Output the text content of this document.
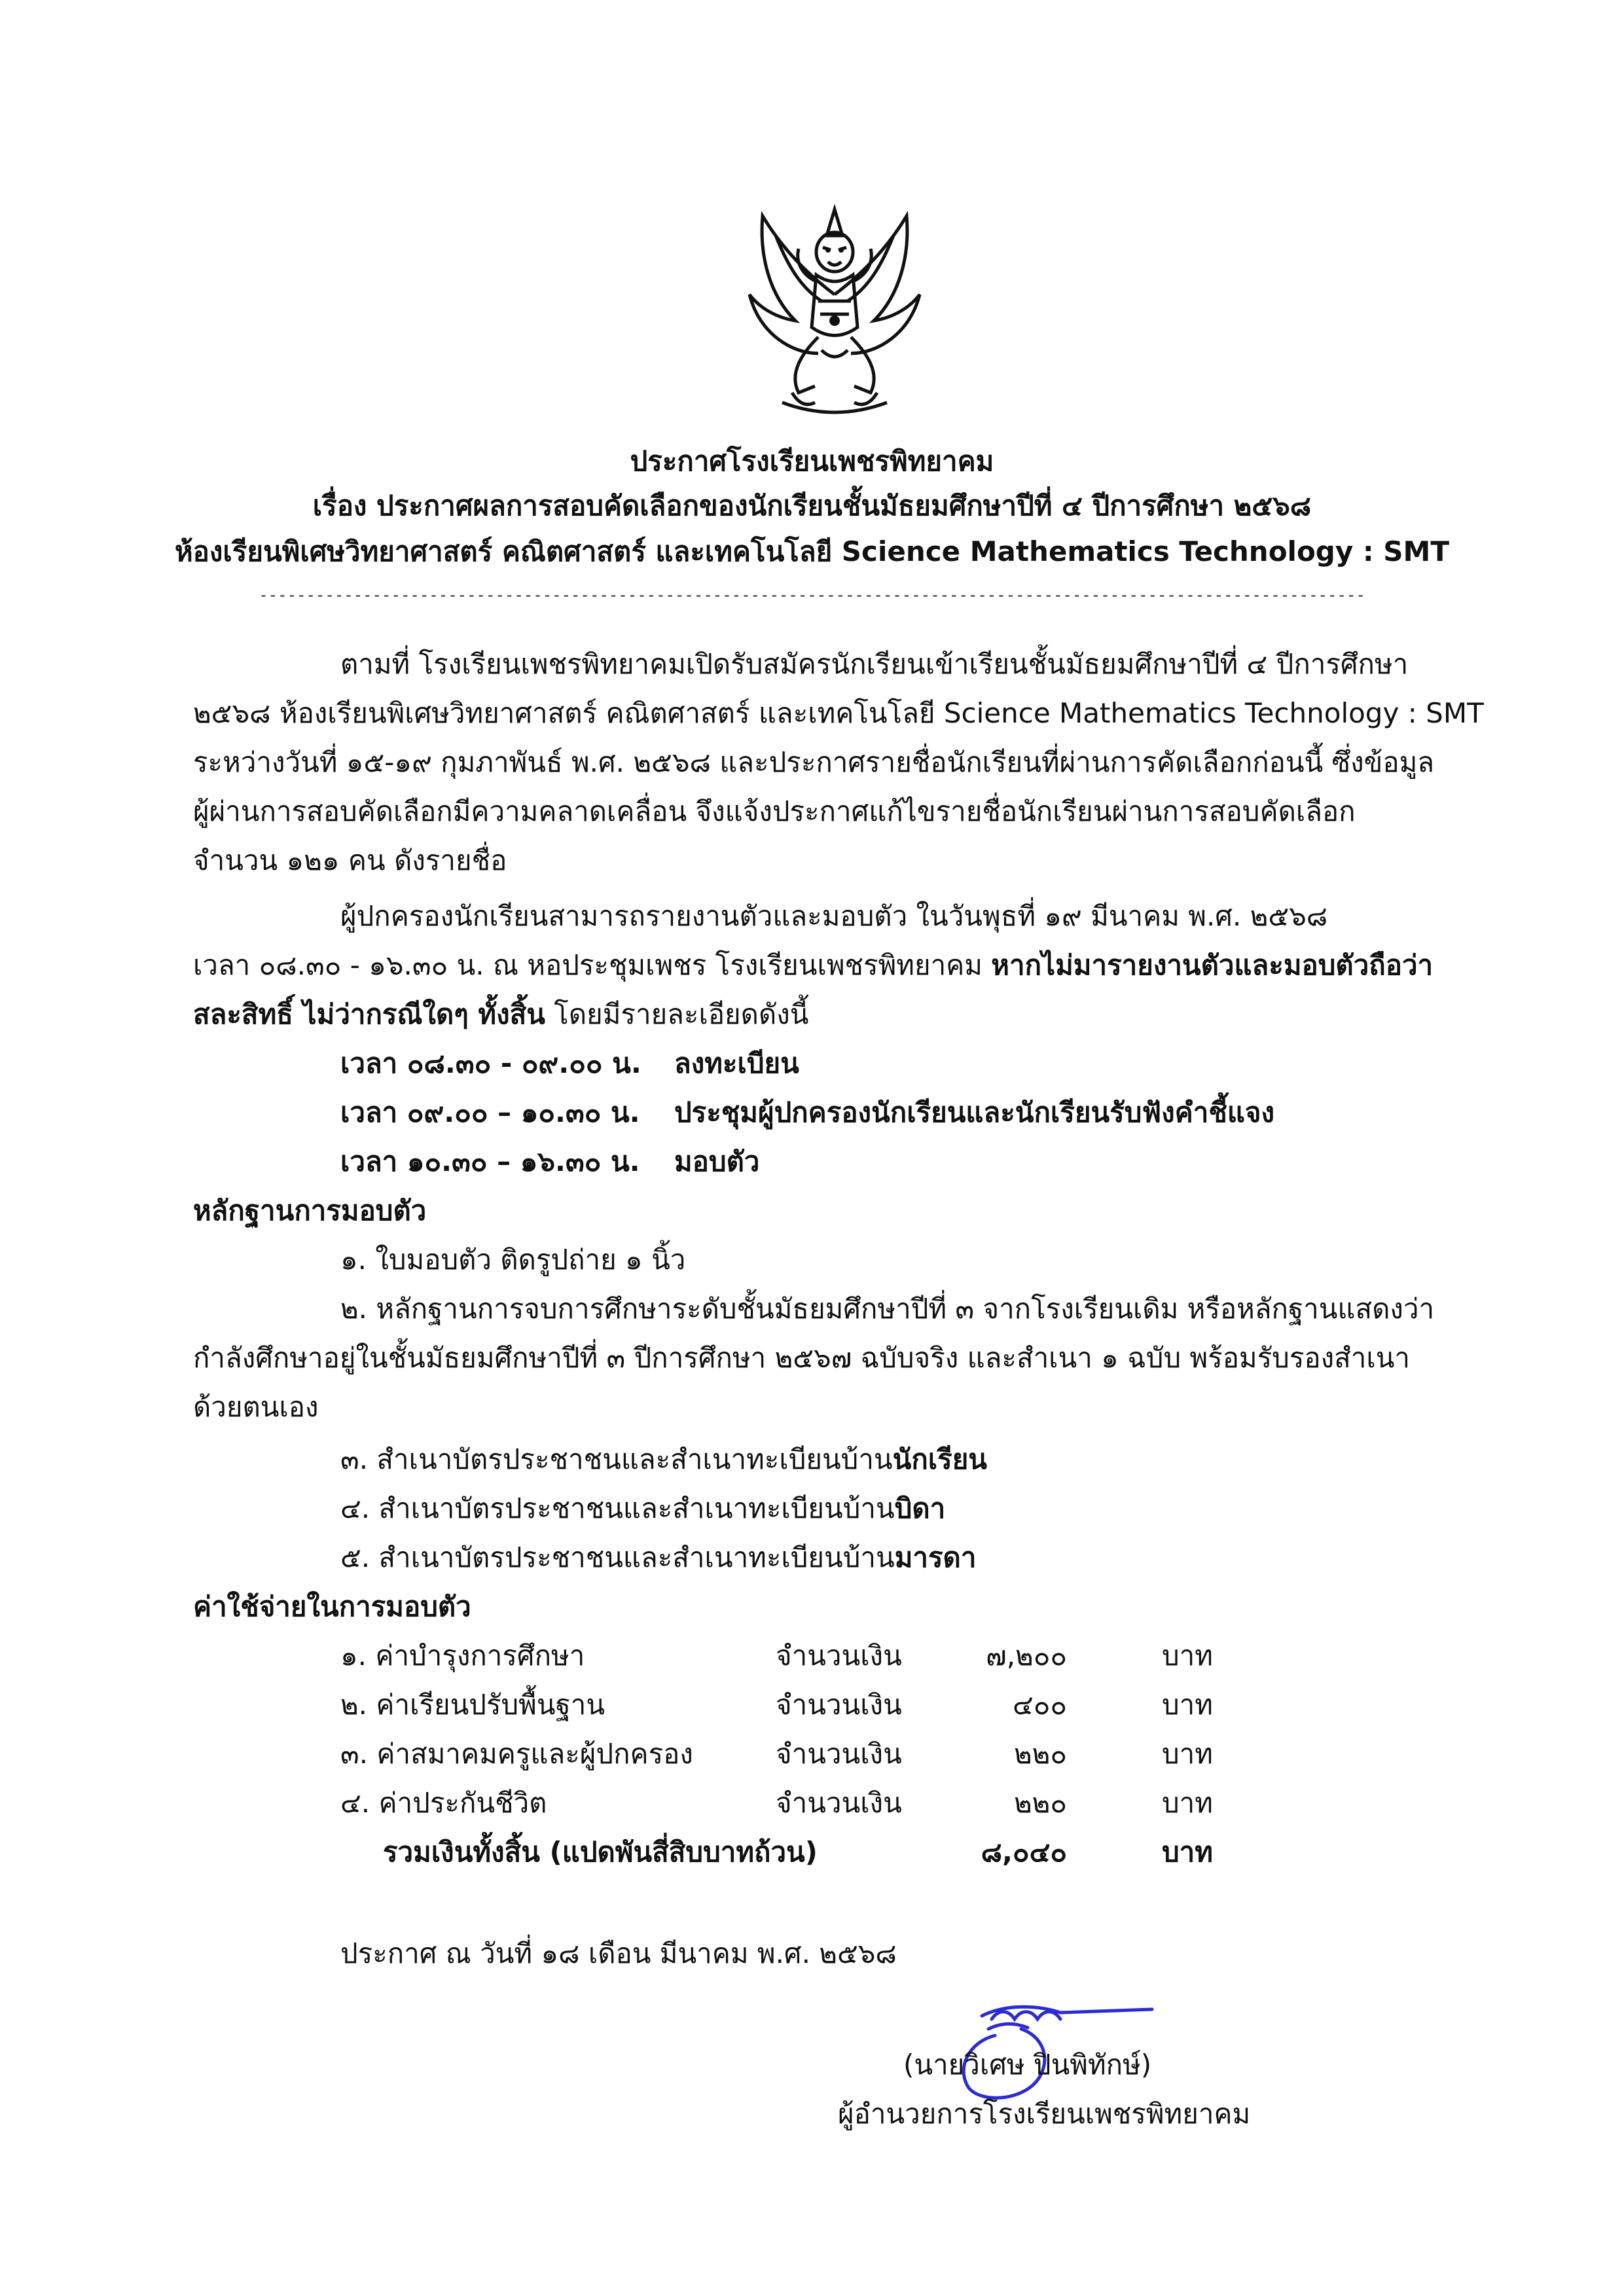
ประกาศโรงเรียนเพชรพิทยาคม
เรื่อง ประกาศผลการสอบคัดเลือกของนักเรียนชั้นมัธยมศึกษาปีที่ ๔ ปีการศึกษา ๒๕๖๘
ห้องเรียนพิเศษวิทยาศาสตร์ คณิตศาสตร์ และเทคโนโลยี Science Mathematics Technology : SMT
---------------------------------------------------------------------------------------------------------------------
ตามที่ โรงเรียนเพชรพิทยาคมเปิดรับสมัครนักเรียนเข้าเรียนชั้นมัธยมศึกษาปีที่ ๔ ปีการศึกษา
๒๕๖๘ ห้องเรียนพิเศษวิทยาศาสตร์ คณิตศาสตร์ และเทคโนโลยี Science Mathematics Technology : SMT
ระหว่างวันที่ ๑๕-๑๙ กุมภาพันธ์ พ.ศ. ๒๕๖๘ และประกาศรายชื่อนักเรียนที่ผ่านการคัดเลือกก่อนนี้ ซึ่งข้อมูล
ผู้ผ่านการสอบคัดเลือกมีความคลาดเคลื่อน จึงแจ้งประกาศแก้ไขรายชื่อนักเรียนผ่านการสอบคัดเลือก
จำนวน ๑๒๑ คน ดังรายชื่อ
ผู้ปกครองนักเรียนสามารถรายงานตัวและมอบตัว ในวันพุธที่ ๑๙ มีนาคม พ.ศ. ๒๕๖๘
เวลา ๐๘.๓๐ - ๑๖.๓๐ น. ณ หอประชุมเพชร โรงเรียนเพชรพิทยาคม หากไม่มารายงานตัวและมอบตัวถือว่า
สละสิทธิ์ ไม่ว่ากรณีใดๆ ทั้งสิ้น โดยมีรายละเอียดดังนี้
เวลา ๐๘.๓๐ - ๐๙.๐๐ น. ลงทะเบียน
เวลา ๐๙.๐๐ – ๑๐.๓๐ น. ประชุมผู้ปกครองนักเรียนและนักเรียนรับฟังคำชี้แจง
เวลา ๑๐.๓๐ – ๑๖.๓๐ น. มอบตัว
หลักฐานการมอบตัว
๑. ใบมอบตัว ติดรูปถ่าย ๑ นิ้ว
๒. หลักฐานการจบการศึกษาระดับชั้นมัธยมศึกษาปีที่ ๓ จากโรงเรียนเดิม หรือหลักฐานแสดงว่า
กำลังศึกษาอยู่ในชั้นมัธยมศึกษาปีที่ ๓ ปีการศึกษา ๒๕๖๗ ฉบับจริง และสำเนา ๑ ฉบับ พร้อมรับรองสำเนา
ด้วยตนเอง
๓. สำเนาบัตรประชาชนและสำเนาทะเบียนบ้านนักเรียน
๔. สำเนาบัตรประชาชนและสำเนาทะเบียนบ้านบิดา
๕. สำเนาบัตรประชาชนและสำเนาทะเบียนบ้านมารดา
ค่าใช้จ่ายในการมอบตัว
๑. ค่าบำรุงการศึกษา	จำนวนเงิน	๗,๒๐๐	บาท
๒. ค่าเรียนปรับพื้นฐาน	จำนวนเงิน	๔๐๐	บาท
๓. ค่าสมาคมครูและผู้ปกครอง	จำนวนเงิน	๒๒๐	บาท
๔. ค่าประกันชีวิต	จำนวนเงิน	๒๒๐	บาท
รวมเงินทั้งสิ้น (แปดพันสี่สิบบาทถ้วน)	๘,๐๔๐	บาท
ประกาศ ณ วันที่ ๑๘ เดือน มีนาคม พ.ศ. ๒๕๖๘
(นายวิเศษ ปินพิทักษ์)
ผู้อำนวยการโรงเรียนเพชรพิทยาคม
